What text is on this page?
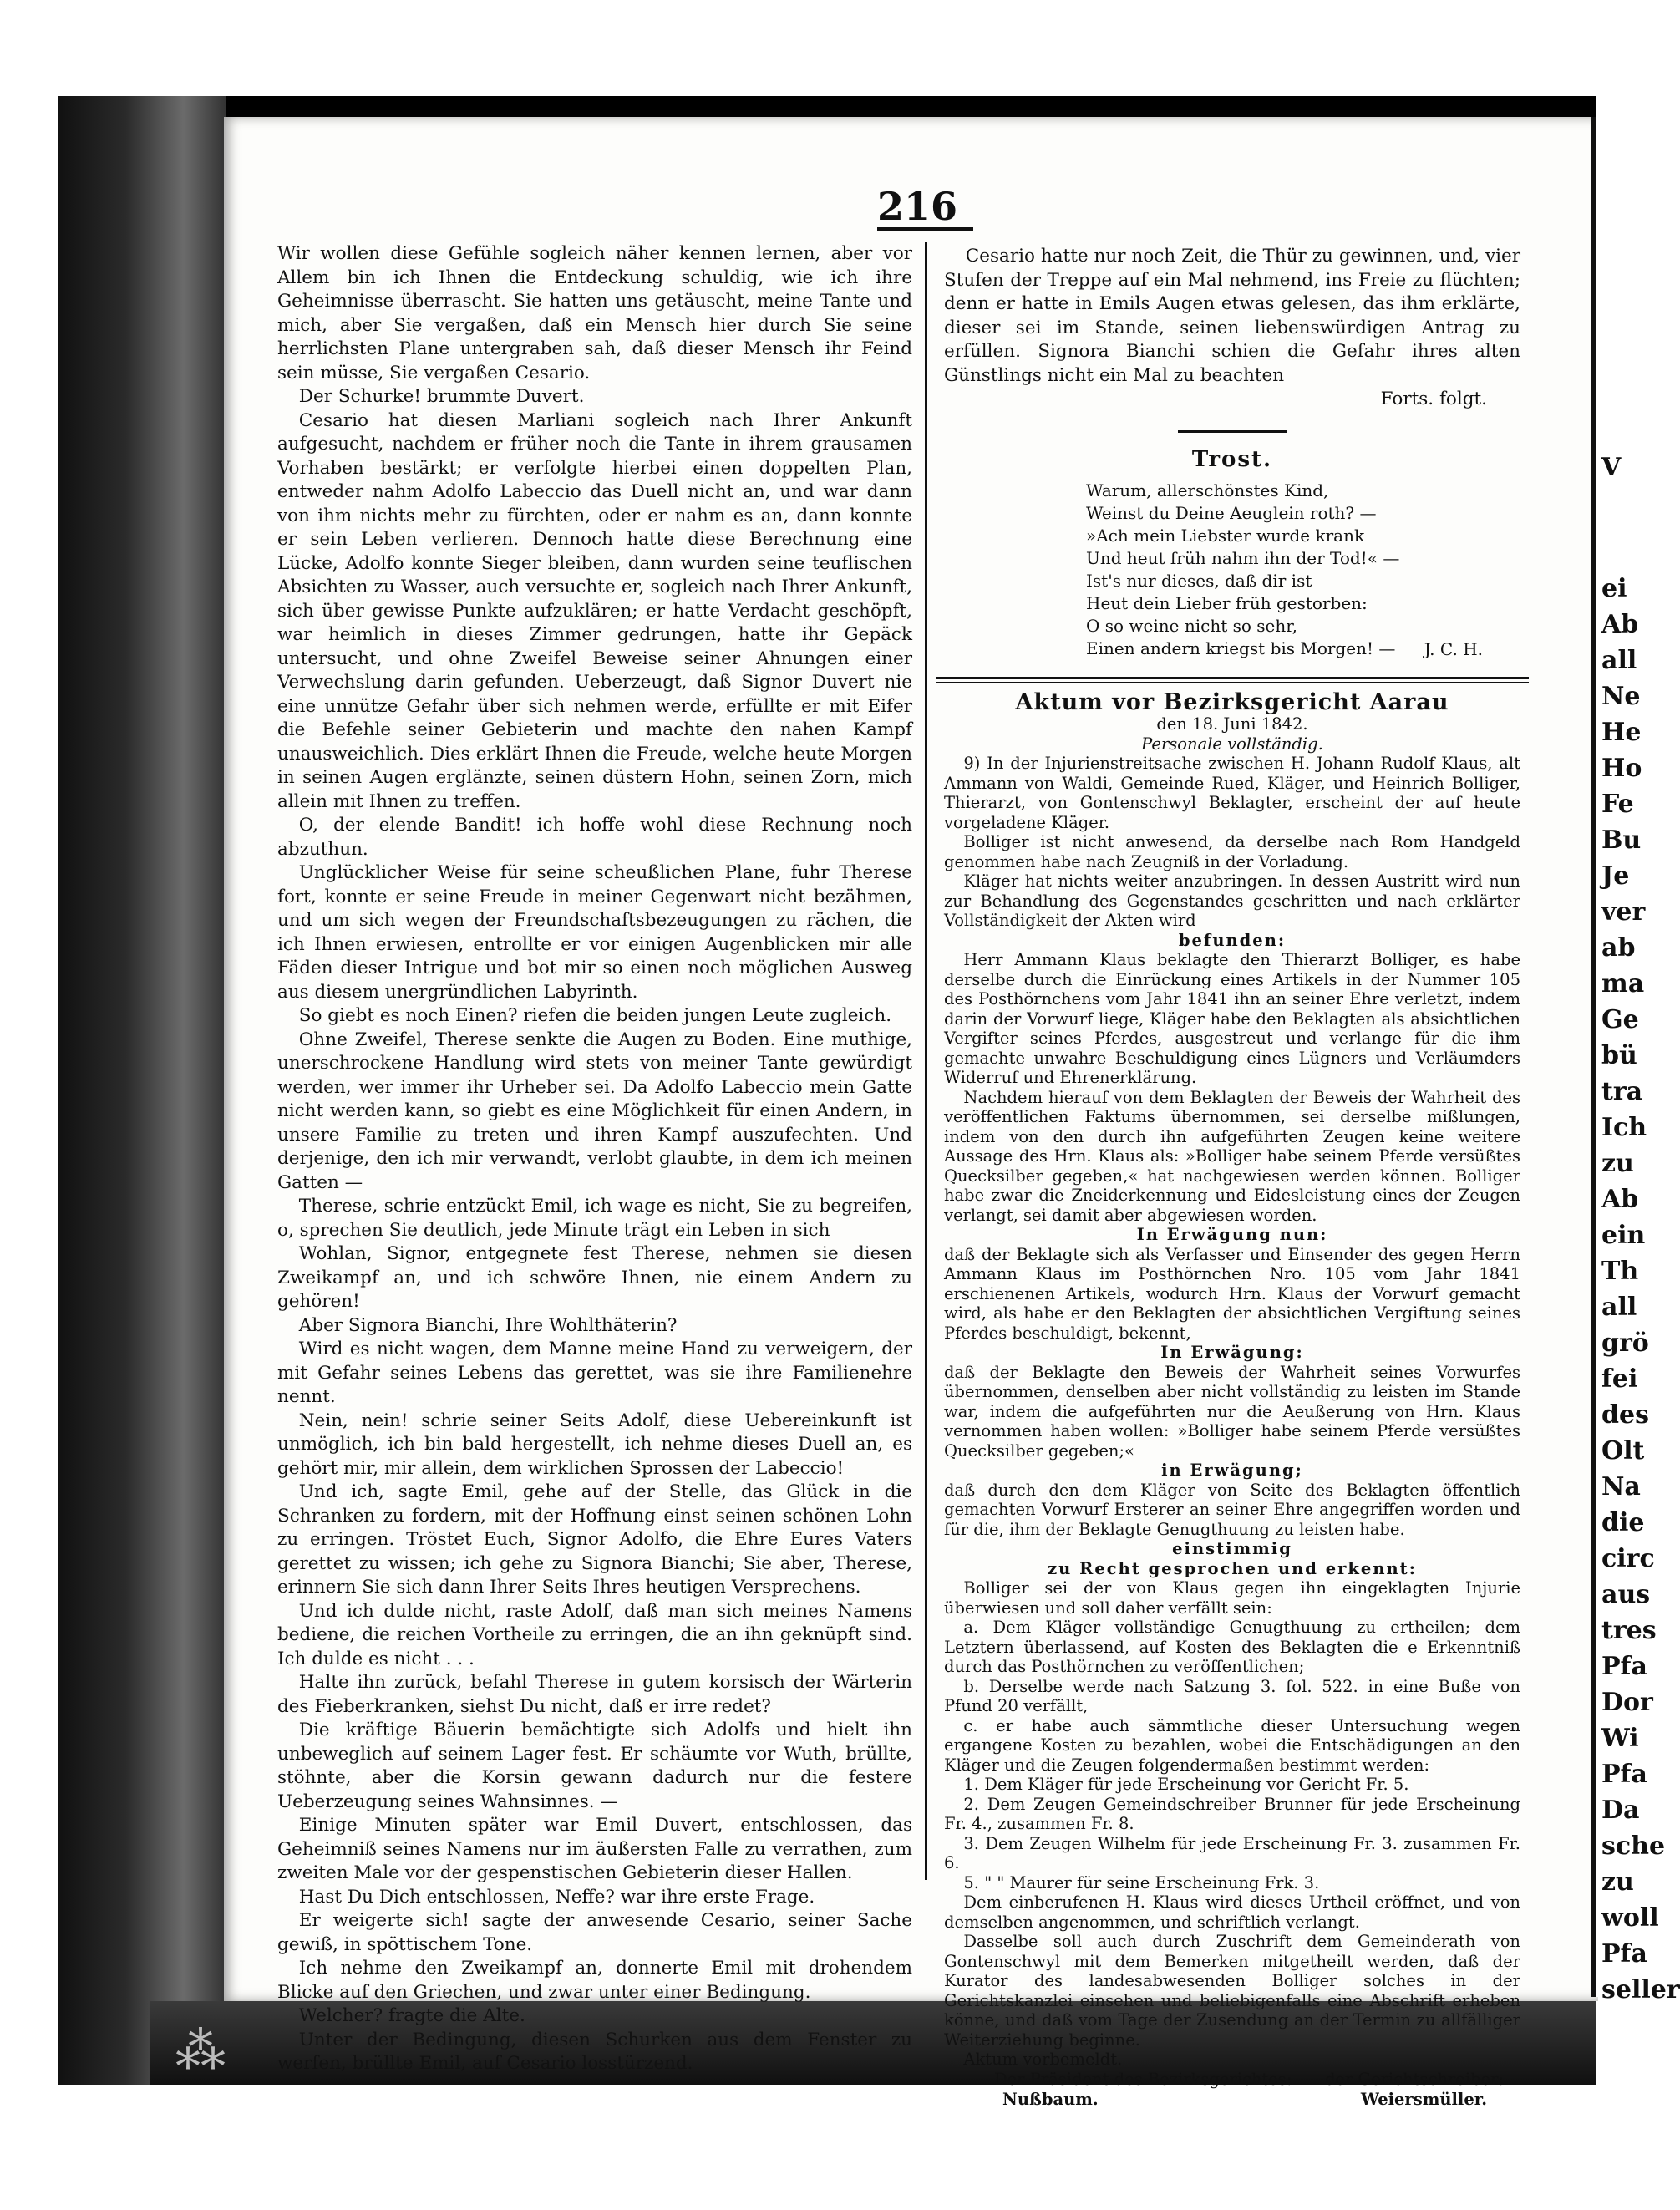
⁂
V
ei
Ab
all
Ne
He
Ho
Fe
Bu
Je
ver
ab
ma
Ge
bü
tra
Ich
zu
Ab
ein
Th
all
grö
fei
des
Olt
Na
die
circ
aus
tres
Pfa
Dor
Wi
Pfa
Da
sche
zu
woll
Pfa
seller
216

Wir wollen diese Gefühle sogleich näher kennen lernen, aber vor Allem bin ich Ihnen die Entdeckung schuldig, wie ich ihre Geheimnisse überrascht. Sie hatten uns getäuscht, meine Tante und mich, aber Sie vergaßen, daß ein Mensch hier durch Sie seine herrlichsten Plane untergraben sah, daß dieser Mensch ihr Feind sein müsse, Sie vergaßen Cesario.

Der Schurke! brummte Duvert.

Cesario hat diesen Marliani sogleich nach Ihrer Ankunft aufgesucht, nachdem er früher noch die Tante in ihrem grausamen Vorhaben bestärkt; er verfolgte hierbei einen doppelten Plan, entweder nahm Adolfo Labeccio das Duell nicht an, und war dann von ihm nichts mehr zu fürchten, oder er nahm es an, dann konnte er sein Leben verlieren. Dennoch hatte diese Berechnung eine Lücke, Adolfo konnte Sieger bleiben, dann wurden seine teuflischen Absichten zu Wasser, auch versuchte er, sogleich nach Ihrer Ankunft, sich über gewisse Punkte aufzuklären; er hatte Verdacht geschöpft, war heimlich in dieses Zimmer gedrungen, hatte ihr Gepäck untersucht, und ohne Zweifel Beweise seiner Ahnungen einer Verwechslung darin gefunden. Ueberzeugt, daß Signor Duvert nie eine unnütze Gefahr über sich nehmen werde, erfüllte er mit Eifer die Befehle seiner Gebieterin und machte den nahen Kampf unausweichlich. Dies erklärt Ihnen die Freude, welche heute Morgen in seinen Augen erglänzte, seinen düstern Hohn, seinen Zorn, mich allein mit Ihnen zu treffen.

O, der elende Bandit! ich hoffe wohl diese Rechnung noch abzuthun.

Unglücklicher Weise für seine scheußlichen Plane, fuhr Therese fort, konnte er seine Freude in meiner Gegenwart nicht bezähmen, und um sich wegen der Freundschaftsbezeugungen zu rächen, die ich Ihnen erwiesen, entrollte er vor einigen Augenblicken mir alle Fäden dieser Intrigue und bot mir so einen noch möglichen Ausweg aus diesem unergründlichen Labyrinth.

So giebt es noch Einen? riefen die beiden jungen Leute zugleich.

Ohne Zweifel, Therese senkte die Augen zu Boden. Eine muthige, unerschrockene Handlung wird stets von meiner Tante gewürdigt werden, wer immer ihr Urheber sei. Da Adolfo Labeccio mein Gatte nicht werden kann, so giebt es eine Möglichkeit für einen Andern, in unsere Familie zu treten und ihren Kampf auszufechten. Und derjenige, den ich mir verwandt, verlobt glaubte, in dem ich meinen Gatten —

Therese, schrie entzückt Emil, ich wage es nicht, Sie zu begreifen, o, sprechen Sie deutlich, jede Minute trägt ein Leben in sich

Wohlan, Signor, entgegnete fest Therese, nehmen sie diesen Zweikampf an, und ich schwöre Ihnen, nie einem Andern zu gehören!

Aber Signora Bianchi, Ihre Wohlthäterin?

Wird es nicht wagen, dem Manne meine Hand zu verweigern, der mit Gefahr seines Lebens das gerettet, was sie ihre Familienehre nennt.

Nein, nein! schrie seiner Seits Adolf, diese Uebereinkunft ist unmöglich, ich bin bald hergestellt, ich nehme dieses Duell an, es gehört mir, mir allein, dem wirklichen Sprossen der Labeccio!

Und ich, sagte Emil, gehe auf der Stelle, das Glück in die Schranken zu fordern, mit der Hoffnung einst seinen schönen Lohn zu erringen. Tröstet Euch, Signor Adolfo, die Ehre Eures Vaters gerettet zu wissen; ich gehe zu Signora Bianchi; Sie aber, Therese, erinnern Sie sich dann Ihrer Seits Ihres heutigen Versprechens.

Und ich dulde nicht, raste Adolf, daß man sich meines Namens bediene, die reichen Vortheile zu erringen, die an ihn geknüpft sind. Ich dulde es nicht . . .

Halte ihn zurück, befahl Therese in gutem korsisch der Wärterin des Fieberkranken, siehst Du nicht, daß er irre redet?

Die kräftige Bäuerin bemächtigte sich Adolfs und hielt ihn unbeweglich auf seinem Lager fest. Er schäumte vor Wuth, brüllte, stöhnte, aber die Korsin gewann dadurch nur die festere Ueberzeugung seines Wahnsinnes. —

Einige Minuten später war Emil Duvert, entschlossen, das Geheimniß seines Namens nur im äußersten Falle zu verrathen, zum zweiten Male vor der gespenstischen Gebieterin dieser Hallen.

Hast Du Dich entschlossen, Neffe? war ihre erste Frage.

Er weigerte sich! sagte der anwesende Cesario, seiner Sache gewiß, in spöttischem Tone.

Ich nehme den Zweikampf an, donnerte Emil mit drohendem Blicke auf den Griechen, und zwar unter einer Bedingung.

Welcher? fragte die Alte.

Unter der Bedingung, diesen Schurken aus dem Fenster zu werfen, brüllte Emil, auf Cesario losstürzend.

Cesario hatte nur noch Zeit, die Thür zu gewinnen, und, vier Stufen der Treppe auf ein Mal nehmend, ins Freie zu flüchten; denn er hatte in Emils Augen etwas gelesen, das ihm erklärte, dieser sei im Stande, seinen liebenswürdigen Antrag zu erfüllen. Signora Bianchi schien die Gefahr ihres alten Günstlings nicht ein Mal zu beachten

Forts. folgt.

Trost.
Warum, allerschönstes Kind,
Weinst du Deine Aeuglein roth? —
»Ach mein Liebster wurde krank
Und heut früh nahm ihn der Tod!« —
Ist's nur dieses, daß dir ist
Heut dein Lieber früh gestorben:
O so weine nicht so sehr,
Einen andern kriegst bis Morgen! —	J. C. H.
Aktum vor Bezirksgericht Aarau

den 18. Juni 1842.

Personale vollständig.

9) In der Injurienstreitsache zwischen H. Johann Rudolf Klaus, alt Ammann von Waldi, Gemeinde Rued, Kläger, und Heinrich Bolliger, Thierarzt, von Gontenschwyl Beklagter, erscheint der auf heute vorgeladene Kläger.

Bolliger ist nicht anwesend, da derselbe nach Rom Handgeld genommen habe nach Zeugniß in der Vorladung.

Kläger hat nichts weiter anzubringen. In dessen Austritt wird nun zur Behandlung des Gegenstandes geschritten und nach erklärter Vollständigkeit der Akten wird

befunden:

Herr Ammann Klaus beklagte den Thierarzt Bolliger, es habe derselbe durch die Einrückung eines Artikels in der Nummer 105 des Posthörnchens vom Jahr 1841 ihn an seiner Ehre verletzt, indem darin der Vorwurf liege, Kläger habe den Beklagten als absichtlichen Vergifter seines Pferdes, ausgestreut und verlange für die ihm gemachte unwahre Beschuldigung eines Lügners und Verläumders Widerruf und Ehrenerklärung.

Nachdem hierauf von dem Beklagten der Beweis der Wahrheit des veröffentlichen Faktums übernommen, sei derselbe mißlungen, indem von den durch ihn aufgeführten Zeugen keine weitere Aussage des Hrn. Klaus als: »Bolliger habe seinem Pferde versüßtes Quecksilber gegeben,« hat nachgewiesen werden können. Bolliger habe zwar die Zneiderkennung und Eidesleistung eines der Zeugen verlangt, sei damit aber abgewiesen worden.

In Erwägung nun:

daß der Beklagte sich als Verfasser und Einsender des gegen Herrn Ammann Klaus im Posthörnchen Nro. 105 vom Jahr 1841 erschienenen Artikels, wodurch Hrn. Klaus der Vorwurf gemacht wird, als habe er den Beklagten der absichtlichen Vergiftung seines Pferdes beschuldigt, bekennt,

In Erwägung:

daß der Beklagte den Beweis der Wahrheit seines Vorwurfes übernommen, denselben aber nicht vollständig zu leisten im Stande war, indem die aufgeführten nur die Aeußerung von Hrn. Klaus vernommen haben wollen: »Bolliger habe seinem Pferde versüßtes Quecksilber gegeben;«

in Erwägung;

daß durch den dem Kläger von Seite des Beklagten öffentlich gemachten Vorwurf Ersterer an seiner Ehre angegriffen worden und für die, ihm der Beklagte Genugthuung zu leisten habe.

einstimmig

zu Recht gesprochen und erkennt:

Bolliger sei der von Klaus gegen ihn eingeklagten Injurie überwiesen und soll daher verfällt sein:

a. Dem Kläger vollständige Genugthuung zu ertheilen; dem Letztern überlassend, auf Kosten des Beklagten die e Erkenntniß durch das Posthörnchen zu veröffentlichen;

b. Derselbe werde nach Satzung 3. fol. 522. in eine Buße von Pfund 20 verfällt,

c. er habe auch sämmtliche dieser Untersuchung wegen ergangene Kosten zu bezahlen, wobei die Entschädigungen an den Kläger und die Zeugen folgendermaßen bestimmt werden:

1. Dem Kläger für jede Erscheinung vor Gericht Fr. 5.

2. Dem Zeugen Gemeindschreiber Brunner für jede Erscheinung Fr. 4., zusammen Fr. 8.

3. Dem Zeugen Wilhelm für jede Erscheinung Fr. 3. zusammen Fr. 6.

5. " " Maurer für seine Erscheinung Frk. 3.

Dem einberufenen H. Klaus wird dieses Urtheil eröffnet, und von demselben angenommen, und schriftlich verlangt.

Dasselbe soll auch durch Zuschrift dem Gemeinderath von Gontenschwyl mit dem Bemerken mitgetheilt werden, daß der Kurator des landesabwesenden Bolliger solches in der Gerichtskanzlei einsehen und beliebigenfalls eine Abschrift erheben könne, und daß vom Tage der Zusendung an der Termin zu allfälliger Weiterziehung beginne.

Aktum vorbemeldt.

Der Präsident des Bezirksgerichtes: der Gerichtschreiber:
Nußbaum.	Weiersmüller.
